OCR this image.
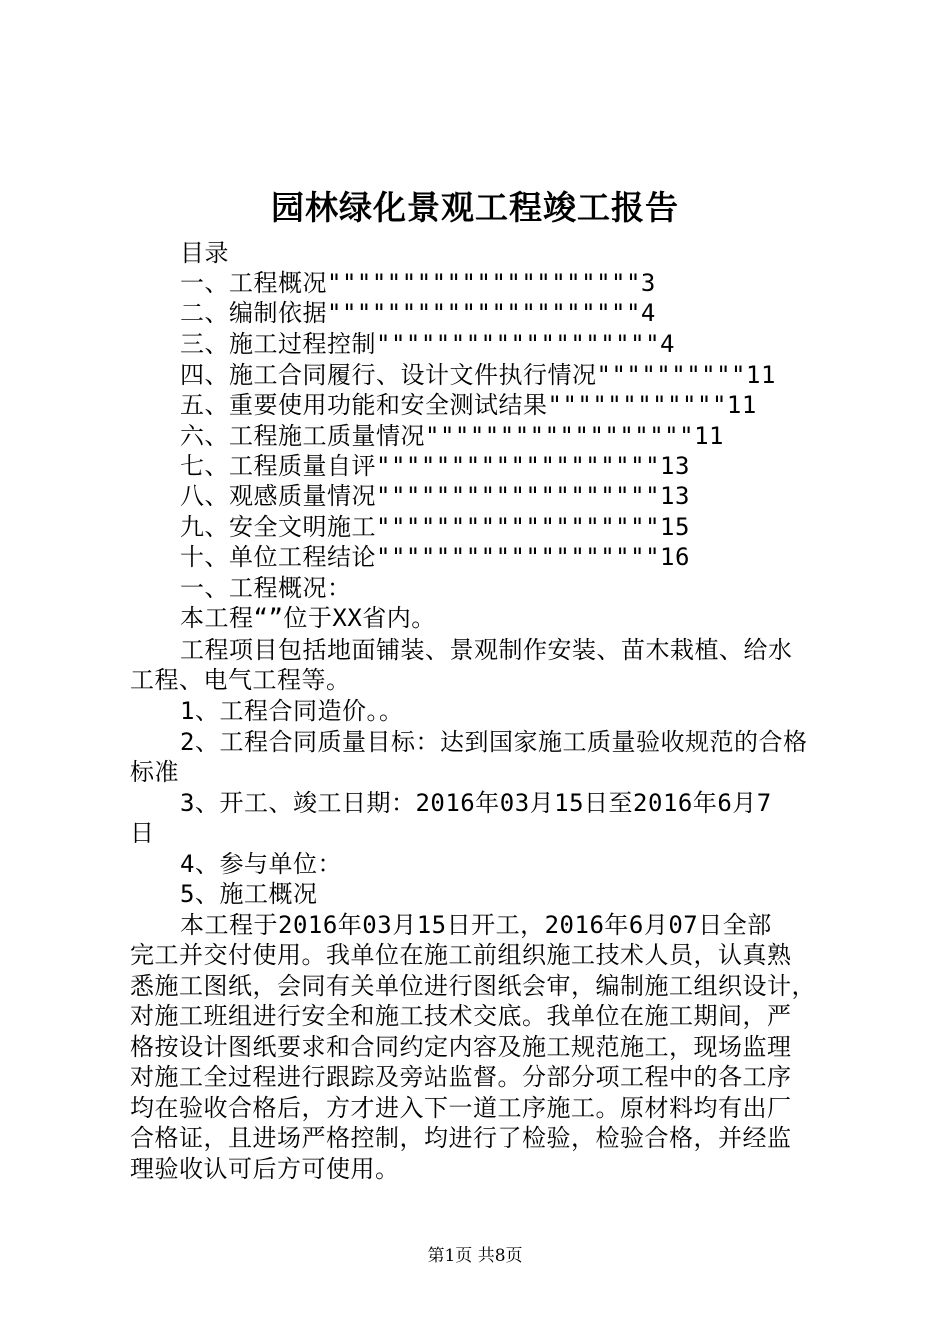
园林绿化景观工程竣工报告
目录
一、工程概况"""""""""""""""""""""3
二、编制依据"""""""""""""""""""""4
三、施工过程控制"""""""""""""""""""4
四、施工合同履行、设计文件执行情况""""""""""11
五、重要使用功能和安全测试结果""""""""""""11
六、工程施工质量情况""""""""""""""""""11
七、工程质量自评"""""""""""""""""""13
八、观感质量情况"""""""""""""""""""13
九、安全文明施工"""""""""""""""""""15
十、单位工程结论"""""""""""""""""""16
一、工程概况：
本工程“”位于XX省内。
工程项目包括地面铺装、景观制作安装、苗木栽植、给水
工程、电气工程等。
1、工程合同造价。。
2、工程合同质量目标：达到国家施工质量验收规范的合格
标准
3、开工、竣工日期：2016年03月15日至2016年6月7
日
4、参与单位：
5、施工概况
本工程于2016年03月15日开工，2016年6月07日全部
完工并交付使用。我单位在施工前组织施工技术人员，认真熟
悉施工图纸，会同有关单位进行图纸会审，编制施工组织设计，
对施工班组进行安全和施工技术交底。我单位在施工期间，严
格按设计图纸要求和合同约定内容及施工规范施工，现场监理
对施工全过程进行跟踪及旁站监督。分部分项工程中的各工序
均在验收合格后，方才进入下一道工序施工。原材料均有出厂
合格证，且进场严格控制，均进行了检验，检验合格，并经监
理验收认可后方可使用。
第1页 共8页
